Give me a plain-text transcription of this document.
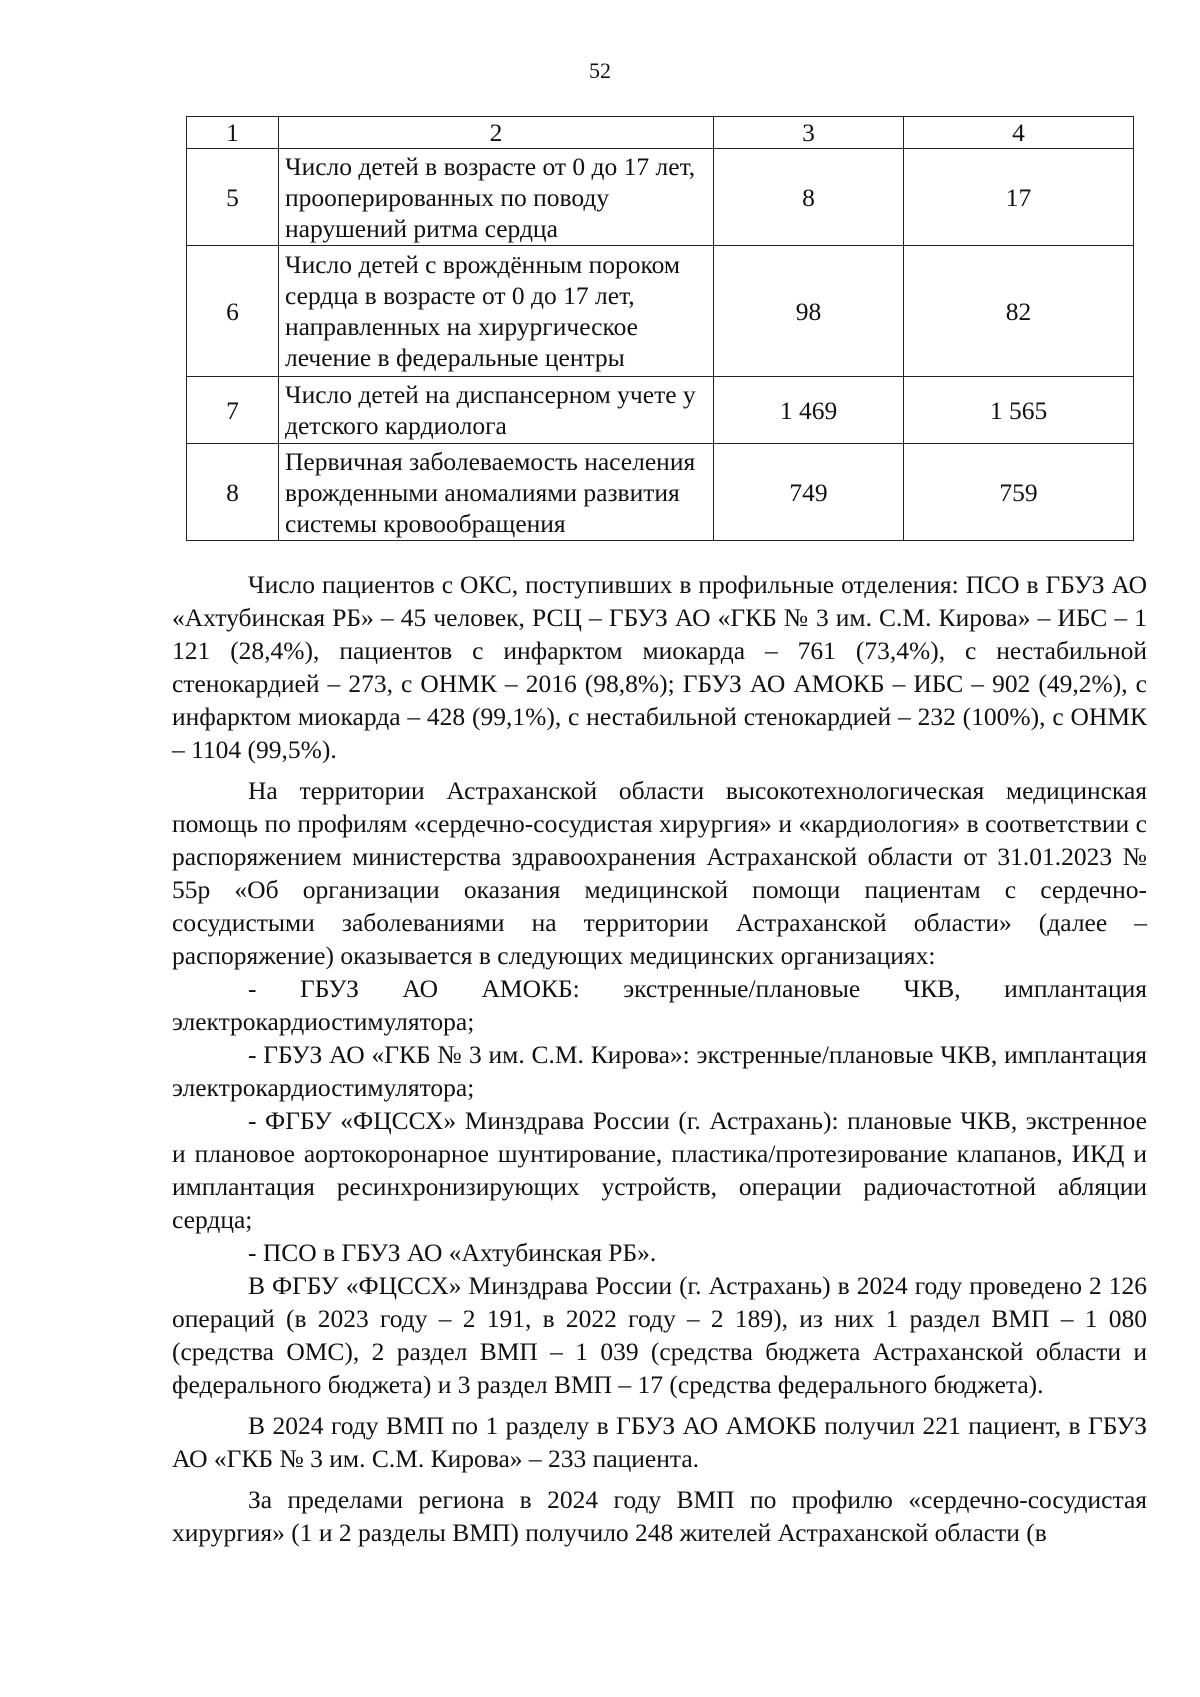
52
1	2	3	4
5	Число детей в возрасте от 0 до 17 лет, прооперированных по поводу нарушений ритма сердца	8	17
6	Число детей с врождённым пороком сердца в возрасте от 0 до 17 лет, направленных на хирургическое лечение в федеральные центры	98	82
7	Число детей на диспансерном учете у детского кардиолога	1 469	1 565
8	Первичная заболеваемость населения врожденными аномалиями развития системы кровообращения	749	759

Число пациентов с ОКС, поступивших в профильные отделения: ПСО в ГБУЗ АО «Ахтубинская РБ» – 45 человек, РСЦ – ГБУЗ АО «ГКБ № 3 им. С.М. Кирова» – ИБС – 1 121 (28,4%), пациентов с инфарктом миокарда – 761 (73,4%), с нестабильной стенокардией – 273, с ОНМК – 2016 (98,8%); ГБУЗ АО АМОКБ – ИБС – 902 (49,2%), с инфарктом миокарда – 428 (99,1%), с нестабильной стенокардией – 232 (100%), с ОНМК – 1104 (99,5%).

На территории Астраханской области высокотехнологическая медицинская помощь по профилям «сердечно-сосудистая хирургия» и «кардиология» в соответствии с распоряжением министерства здравоохранения Астраханской области от 31.01.2023 № 55р «Об организации оказания медицинской помощи пациентам с сердечно-сосудистыми заболеваниями на территории Астраханской области» (далее – распоряжение) оказывается в следующих медицинских организациях:

- ГБУЗ АО АМОКБ: экстренные/плановые ЧКВ, имплантация электрокардиостимулятора;

- ГБУЗ АО «ГКБ № 3 им. С.М. Кирова»: экстренные/плановые ЧКВ, имплантация электрокардиостимулятора;

- ФГБУ «ФЦССХ» Минздрава России (г. Астрахань): плановые ЧКВ, экстренное и плановое аортокоронарное шунтирование, пластика/протезирование клапанов, ИКД и имплантация ресинхронизирующих устройств, операции радиочастотной абляции сердца;

- ПСО в ГБУЗ АО «Ахтубинская РБ».

В ФГБУ «ФЦССХ» Минздрава России (г. Астрахань) в 2024 году проведено 2 126 операций (в 2023 году – 2 191, в 2022 году – 2 189), из них 1 раздел ВМП – 1 080 (средства ОМС), 2 раздел ВМП – 1 039 (средства бюджета Астраханской области и федерального бюджета) и 3 раздел ВМП – 17 (средства федерального бюджета).

В 2024 году ВМП по 1 разделу в ГБУЗ АО АМОКБ получил 221 пациент, в ГБУЗ АО «ГКБ № 3 им. С.М. Кирова» – 233 пациента.

За пределами региона в 2024 году ВМП по профилю «сердечно-сосудистая хирургия» (1 и 2 разделы ВМП) получило 248 жителей Астраханской области (в
